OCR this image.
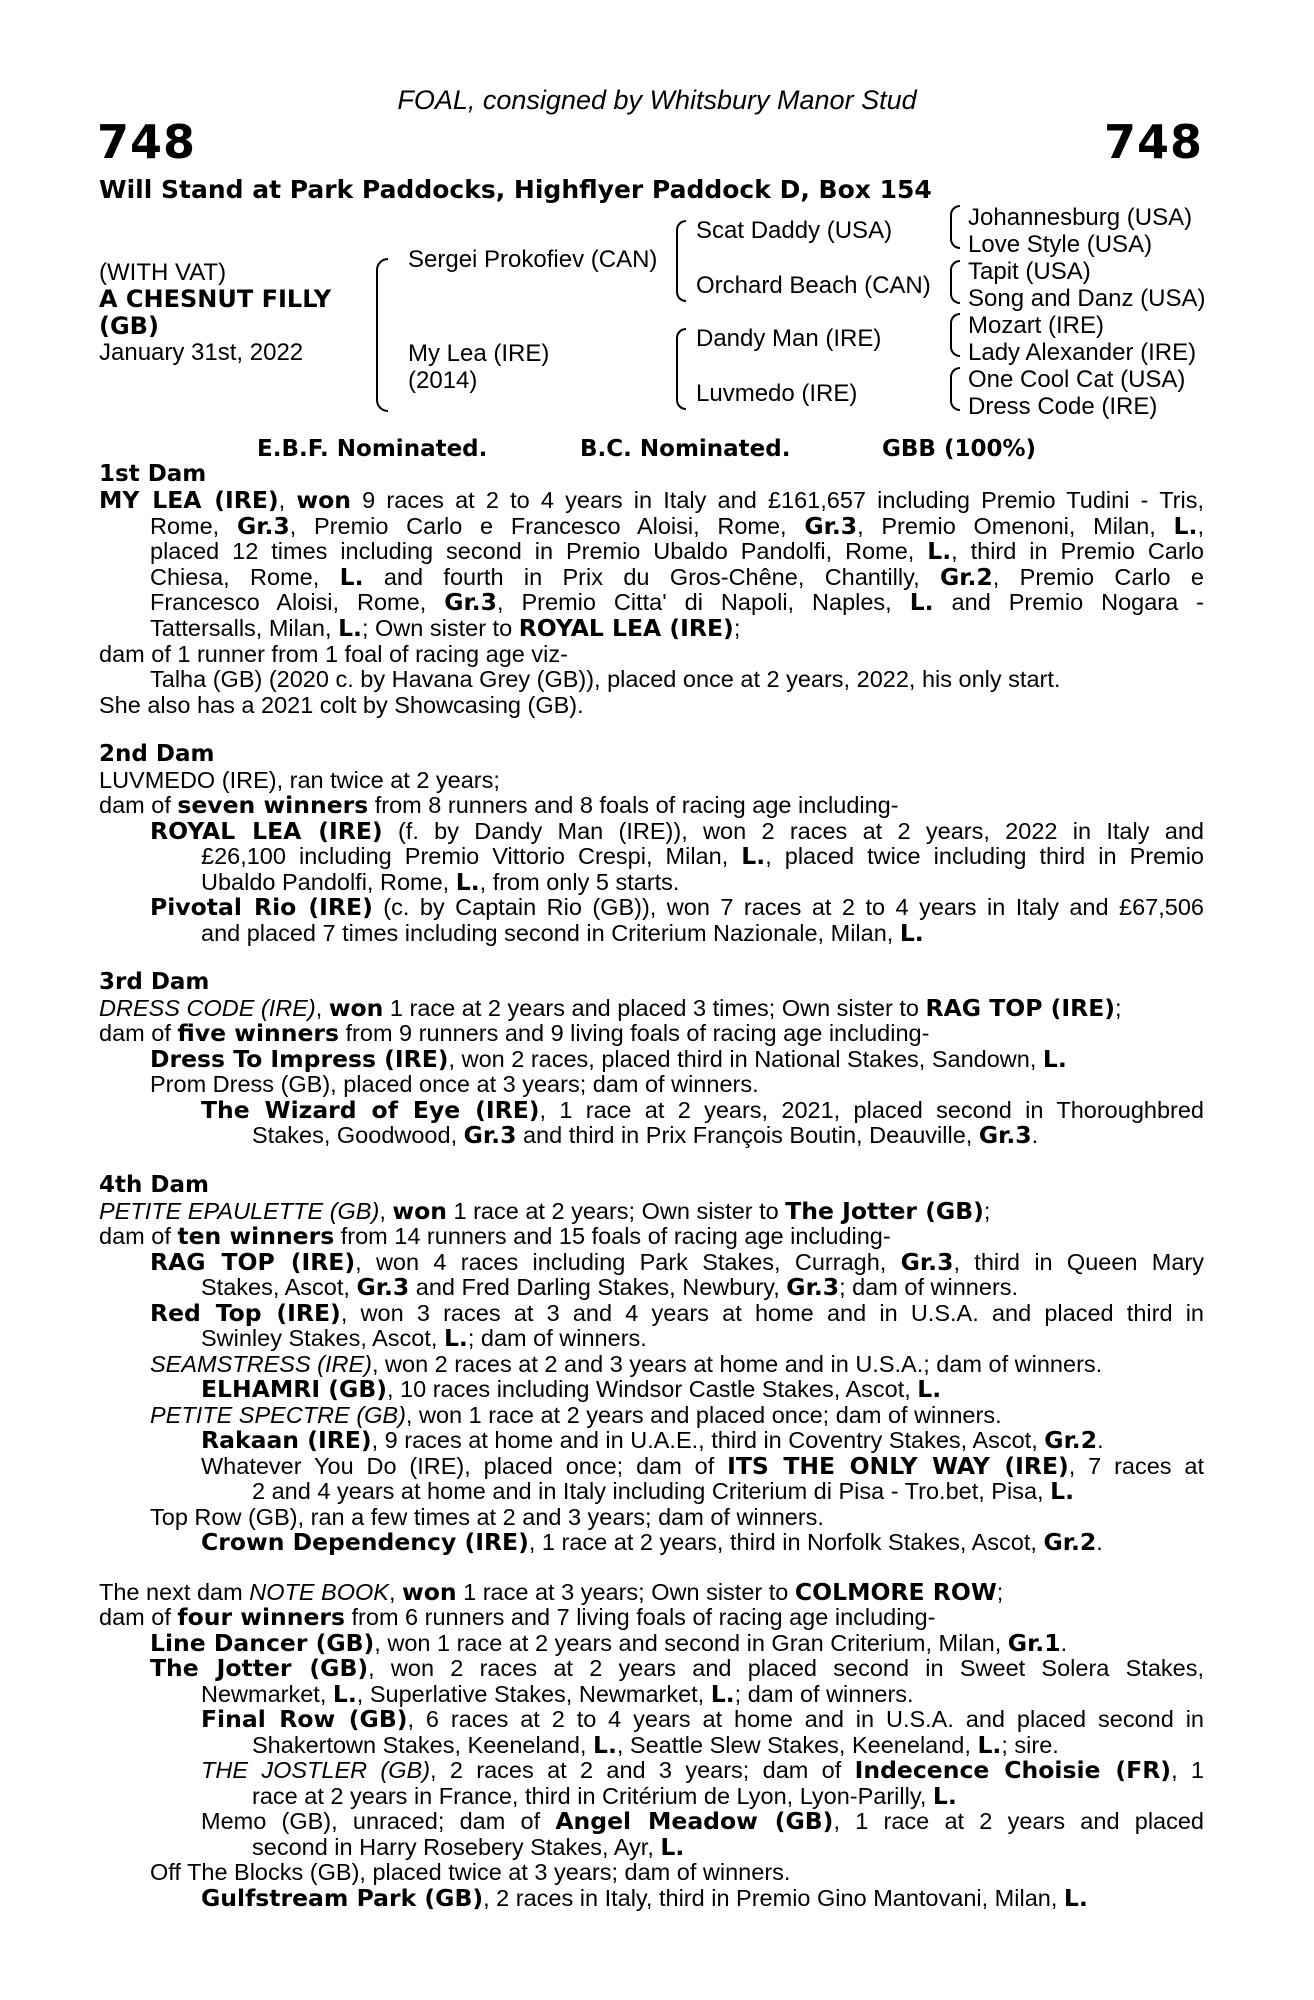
FOAL, consigned by Whitsbury Manor Stud
748	748
Will Stand at Park Paddocks, Highflyer Paddock D, Box 154
(WITH VAT)
A CHESNUT FILLY
(GB)
January 31st, 2022
Sergei Prokofiev (CAN)
My Lea (IRE)
(2014)
Scat Daddy (USA)
Orchard Beach (CAN)
Dandy Man (IRE)
Luvmedo (IRE)
Johannesburg (USA)
Love Style (USA)
Tapit (USA)
Song and Danz (USA)
Mozart (IRE)
Lady Alexander (IRE)
One Cool Cat (USA)
Dress Code (IRE)
E.B.F. Nominated.	B.C. Nominated.	GBB (100%)
1st Dam
MY LEA (IRE), won 9 races at 2 to 4 years in Italy and £161,657 including Premio Tudini - Tris,
Rome, Gr.3, Premio Carlo e Francesco Aloisi, Rome, Gr.3, Premio Omenoni, Milan, L.,
placed 12 times including second in Premio Ubaldo Pandolfi, Rome, L., third in Premio Carlo
Chiesa, Rome, L. and fourth in Prix du Gros-Chêne, Chantilly, Gr.2, Premio Carlo e
Francesco Aloisi, Rome, Gr.3, Premio Citta' di Napoli, Naples, L. and Premio Nogara -
Tattersalls, Milan, L.; Own sister to ROYAL LEA (IRE);
dam of 1 runner from 1 foal of racing age viz-
Talha (GB) (2020 c. by Havana Grey (GB)), placed once at 2 years, 2022, his only start.
She also has a 2021 colt by Showcasing (GB).
2nd Dam
LUVMEDO (IRE), ran twice at 2 years;
dam of seven winners from 8 runners and 8 foals of racing age including-
ROYAL LEA (IRE) (f. by Dandy Man (IRE)), won 2 races at 2 years, 2022 in Italy and
£26,100 including Premio Vittorio Crespi, Milan, L., placed twice including third in Premio
Ubaldo Pandolfi, Rome, L., from only 5 starts.
Pivotal Rio (IRE) (c. by Captain Rio (GB)), won 7 races at 2 to 4 years in Italy and £67,506
and placed 7 times including second in Criterium Nazionale, Milan, L.
3rd Dam
DRESS CODE (IRE), won 1 race at 2 years and placed 3 times; Own sister to RAG TOP (IRE);
dam of five winners from 9 runners and 9 living foals of racing age including-
Dress To Impress (IRE), won 2 races, placed third in National Stakes, Sandown, L.
Prom Dress (GB), placed once at 3 years; dam of winners.
The Wizard of Eye (IRE), 1 race at 2 years, 2021, placed second in Thoroughbred
Stakes, Goodwood, Gr.3 and third in Prix François Boutin, Deauville, Gr.3.
4th Dam
PETITE EPAULETTE (GB), won 1 race at 2 years; Own sister to The Jotter (GB);
dam of ten winners from 14 runners and 15 foals of racing age including-
RAG TOP (IRE), won 4 races including Park Stakes, Curragh, Gr.3, third in Queen Mary
Stakes, Ascot, Gr.3 and Fred Darling Stakes, Newbury, Gr.3; dam of winners.
Red Top (IRE), won 3 races at 3 and 4 years at home and in U.S.A. and placed third in
Swinley Stakes, Ascot, L.; dam of winners.
SEAMSTRESS (IRE), won 2 races at 2 and 3 years at home and in U.S.A.; dam of winners.
ELHAMRI (GB), 10 races including Windsor Castle Stakes, Ascot, L.
PETITE SPECTRE (GB), won 1 race at 2 years and placed once; dam of winners.
Rakaan (IRE), 9 races at home and in U.A.E., third in Coventry Stakes, Ascot, Gr.2.
Whatever You Do (IRE), placed once; dam of ITS THE ONLY WAY (IRE), 7 races at
2 and 4 years at home and in Italy including Criterium di Pisa - Tro.bet, Pisa, L.
Top Row (GB), ran a few times at 2 and 3 years; dam of winners.
Crown Dependency (IRE), 1 race at 2 years, third in Norfolk Stakes, Ascot, Gr.2.
The next dam NOTE BOOK, won 1 race at 3 years; Own sister to COLMORE ROW;
dam of four winners from 6 runners and 7 living foals of racing age including-
Line Dancer (GB), won 1 race at 2 years and second in Gran Criterium, Milan, Gr.1.
The Jotter (GB), won 2 races at 2 years and placed second in Sweet Solera Stakes,
Newmarket, L., Superlative Stakes, Newmarket, L.; dam of winners.
Final Row (GB), 6 races at 2 to 4 years at home and in U.S.A. and placed second in
Shakertown Stakes, Keeneland, L., Seattle Slew Stakes, Keeneland, L.; sire.
THE JOSTLER (GB), 2 races at 2 and 3 years; dam of Indecence Choisie (FR), 1
race at 2 years in France, third in Critérium de Lyon, Lyon-Parilly, L.
Memo (GB), unraced; dam of Angel Meadow (GB), 1 race at 2 years and placed
second in Harry Rosebery Stakes, Ayr, L.
Off The Blocks (GB), placed twice at 3 years; dam of winners.
Gulfstream Park (GB), 2 races in Italy, third in Premio Gino Mantovani, Milan, L.
